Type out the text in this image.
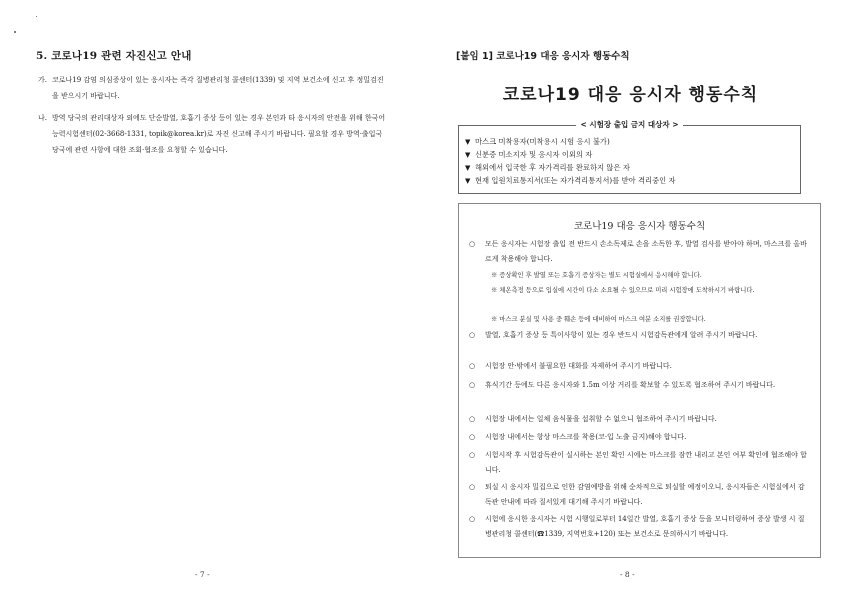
5. 코로나19 관련 자진신고 안내
가. 코로나19 감염 의심증상이 있는 응시자는 즉각 질병관리청 콜센터(1339) 및 지역 보건소에 신고 후 정밀검진을 받으시기 바랍니다.
나. 방역 당국의 관리대상자 외에도 단순발열, 호흡기 증상 등이 있는 경우 본인과 타 응시자의 안전을 위해 한국어능력시험센터(02-3668-1331, topik@korea.kr)로 자진 신고해 주시기 바랍니다. 필요할 경우 방역·출입국 당국에 관련 사항에 대한 조회·협조를 요청할 수 있습니다.
- 7 -
[붙임 1] 코로나19 대응 응시자 행동수칙
코로나19 대응 응시자 행동수칙
< 시험장 출입 금지 대상자 >
▼ 마스크 미착용자(미착용시 시험 응시 불가)
▼ 신분증 미소지자 및 응시자 이외의 자
▼ 해외에서 입국한 후 자가격리를 완료하지 않은 자
▼ 현재 입원치료통지서(또는 자가격리통지서)를 받아 격리중인 자
코로나19 대응 응시자 행동수칙
○ 모든 응시자는 시험장 출입 전 반드시 손소독제로 손을 소독한 후, 발열 검사를 받아야 하며, 마스크를 올바르게 착용해야 합니다.
※ 증상확인 후 발열 또는 호흡기 증상자는 별도 시험실에서 응시해야 합니다.
※ 체온측정 등으로 입실에 시간이 다소 소요될 수 있으므로 미리 시험장에 도착하시기 바랍니다.
※ 마스크 분실 및 사용 중 훼손 등에 대비하여 마스크 여분 소지를 권장합니다.
○ 발열, 호흡기 증상 등 특이사항이 있는 경우 반드시 시험감독관에게 알려 주시기 바랍니다.
○ 시험장 안·밖에서 불필요한 대화를 자제하여 주시기 바랍니다.
○ 휴식기간 등에도 다른 응시자와 1.5m 이상 거리를 확보할 수 있도록 협조하여 주시기 바랍니다.
○ 시험장 내에서는 일체 음식물을 섭취할 수 없으니 협조하여 주시기 바랍니다.
○ 시험장 내에서는 항상 마스크를 착용(코·입 노출 금지)해야 합니다.
○ 시험시작 후 시험감독관이 실시하는 본인 확인 시에는 마스크를 잠깐 내리고 본인 여부 확인에 협조해야 합니다.
○ 퇴실 시 응시자 밀집으로 인한 감염예방을 위해 순차적으로 퇴실할 예정이오니, 응시자들은 시험실에서 감독관 안내에 따라 질서있게 대기해 주시기 바랍니다.
○ 시험에 응시한 응시자는 시험 시행일로부터 14일간 발열, 호흡기 증상 등을 모니터링하여 증상 발생 시 질병관리청 콜센터(☎1339, 지역번호+120) 또는 보건소로 문의하시기 바랍니다.
- 8 -
